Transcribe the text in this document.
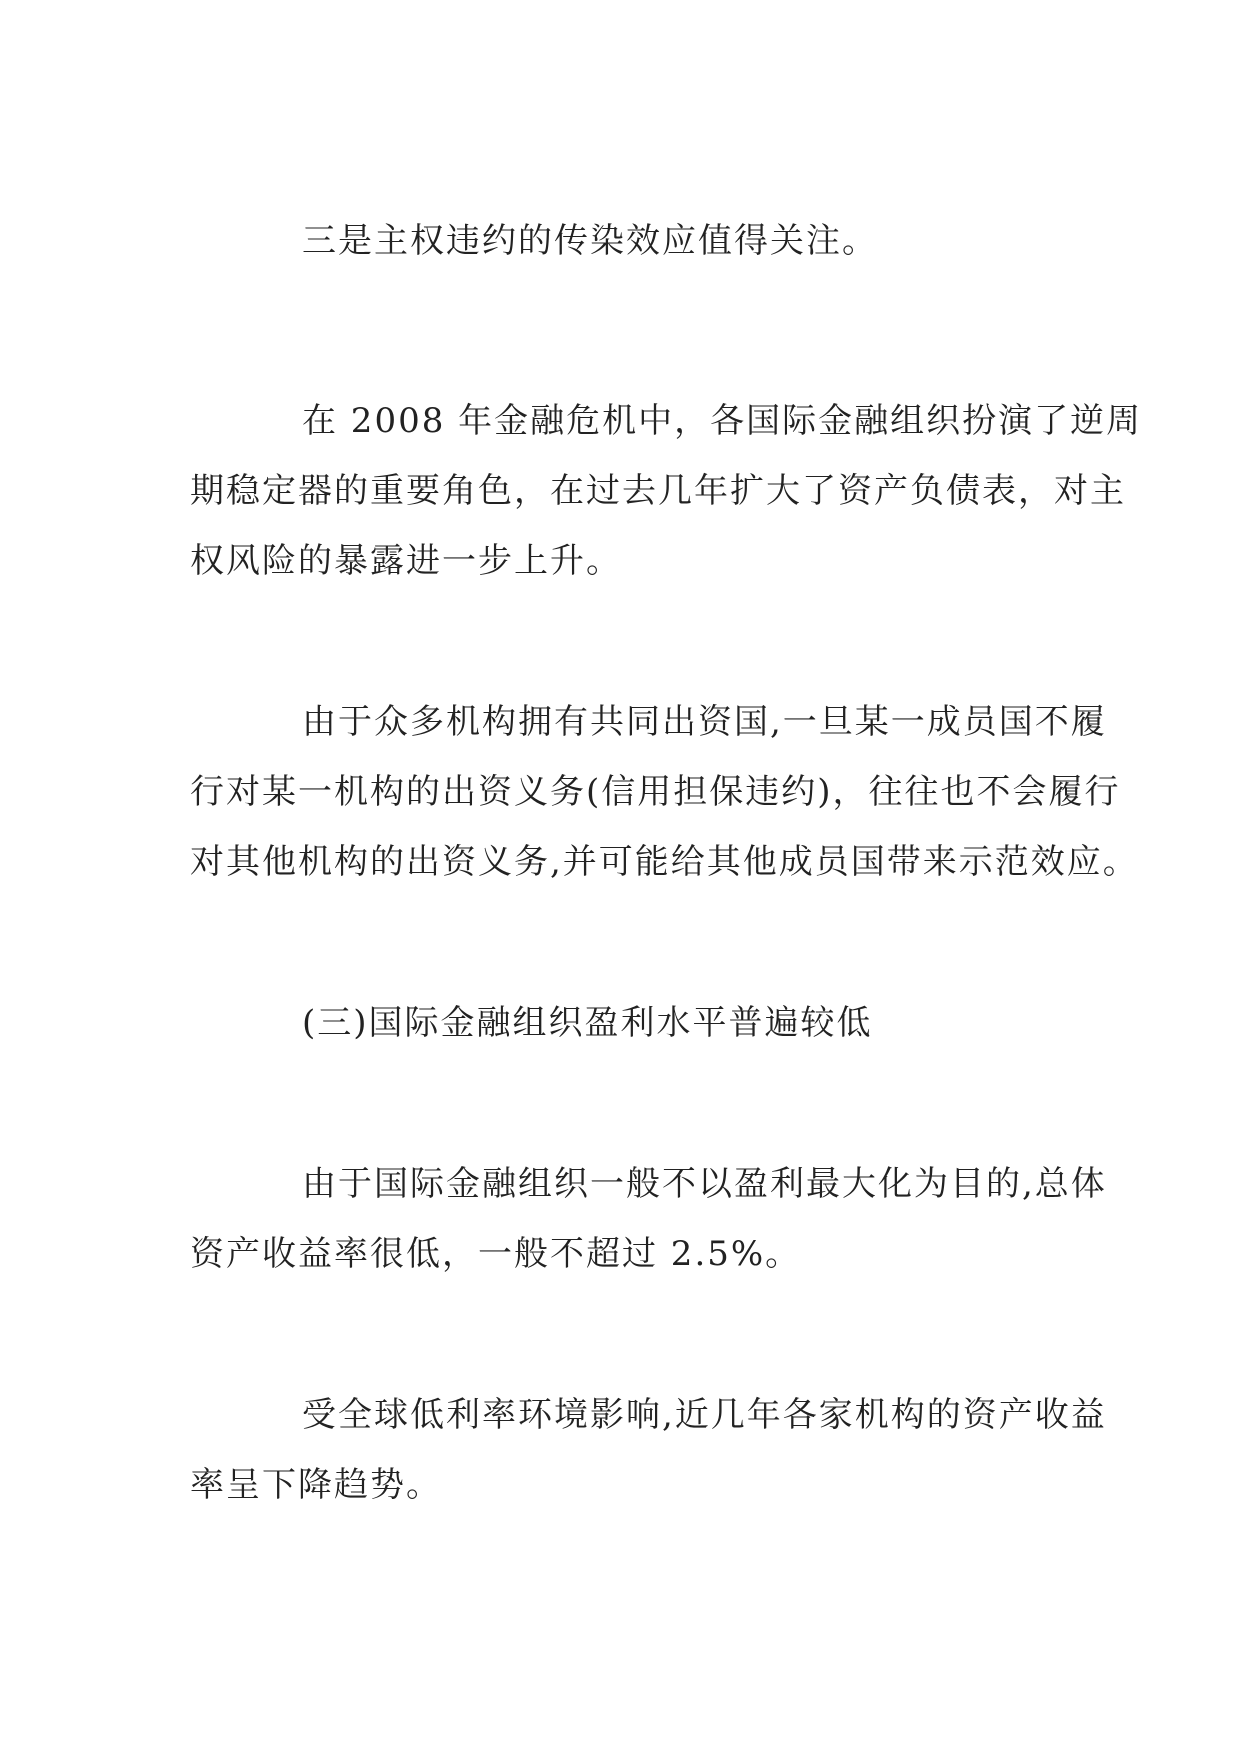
三是主权违约的传染效应值得关注。
在 2008 年金融危机中，各国际金融组织扮演了逆周
期稳定器的重要角色，在过去几年扩大了资产负债表，对主
权风险的暴露进一步上升。
由于众多机构拥有共同出资国,一旦某一成员国不履
行对某一机构的出资义务(信用担保违约)，往往也不会履行
对其他机构的出资义务,并可能给其他成员国带来示范效应。
(三)国际金融组织盈利水平普遍较低
由于国际金融组织一般不以盈利最大化为目的,总体
资产收益率很低，一般不超过 2.5%。
受全球低利率环境影响,近几年各家机构的资产收益
率呈下降趋势。
